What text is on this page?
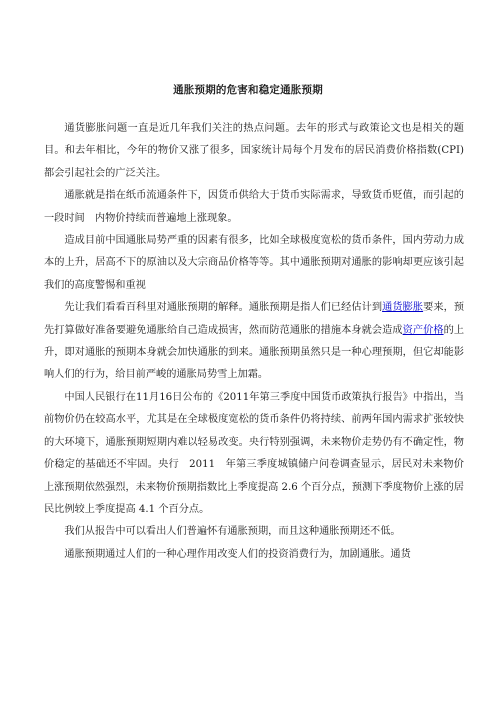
通胀预期的危害和稳定通胀预期

通货膨胀问题一直是近几年我们关注的热点问题。去年的形式与政策论文也是相关的题目。和去年相比，今年的物价又涨了很多，国家统计局每个月发布的居民消费价格指数(CPI)都会引起社会的广泛关注。

通胀就是指在纸币流通条件下，因货币供给大于货币实际需求，导致货币贬值，而引起的一段时间　内物价持续而普遍地上涨现象。

造成目前中国通胀局势严重的因素有很多，比如全球极度宽松的货币条件，国内劳动力成本的上升，居高不下的原油以及大宗商品价格等等。其中通胀预期对通胀的影响却更应该引起我们的高度警惕和重视

先让我们看看百科里对通胀预期的解释。通胀预期是指人们已经估计到通货膨胀要来，预先打算做好准备要避免通胀给自己造成损害，然而防范通胀的措施本身就会造成资产价格的上升，即对通胀的预期本身就会加快通胀的到来。通胀预期虽然只是一种心理预期，但它却能影响人们的行为，给目前严峻的通胀局势雪上加霜。

中国人民银行在11月16日公布的《2011年第三季度中国货币政策执行报告》中指出，当前物价仍在较高水平，尤其是在全球极度宽松的货币条件仍将持续、前两年国内需求扩张较快的大环境下，通胀预期短期内难以轻易改变。央行特别强调，未来物价走势仍有不确定性，物价稳定的基础还不牢固。央行　2011　年第三季度城镇储户问卷调查显示，居民对未来物价上涨预期依然强烈，未来物价预期指数比上季度提高 2.6 个百分点，预测下季度物价上涨的居民比例较上季度提高 4.1 个百分点。

我们从报告中可以看出人们普遍怀有通胀预期，而且这种通胀预期还不低。

通胀预期通过人们的一种心理作用改变人们的投资消费行为，加剧通胀。通货
